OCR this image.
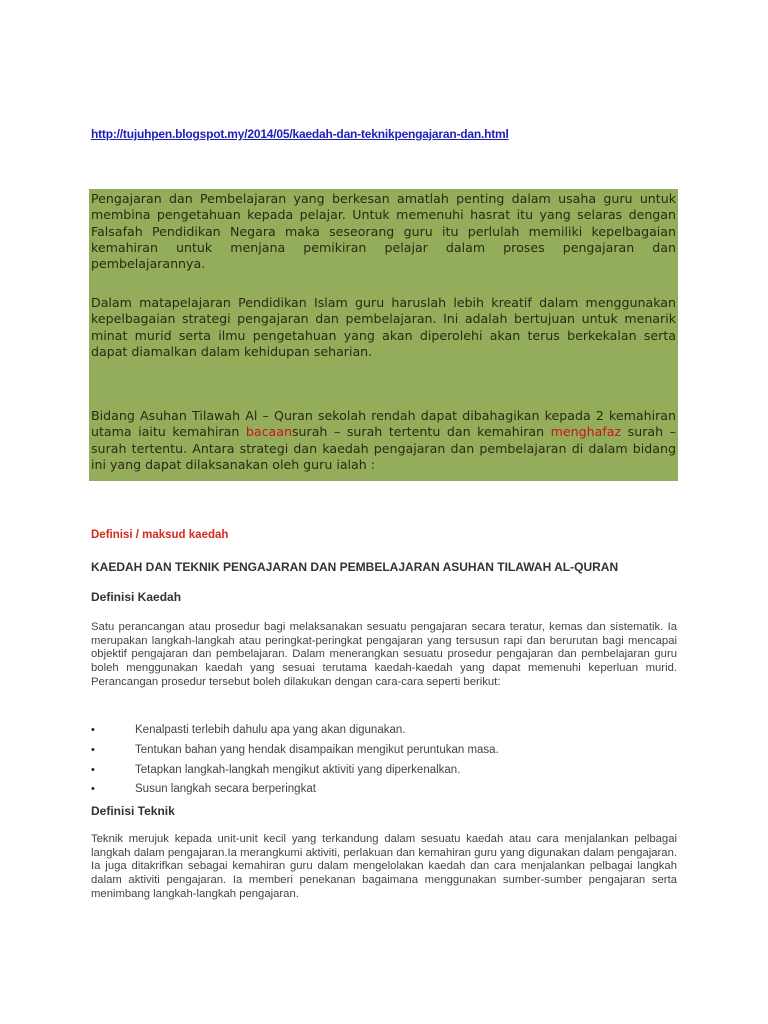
http://tujuhpen.blogspot.my/2014/05/kaedah-dan-teknikpengajaran-dan.html

Pengajaran dan Pembelajaran yang berkesan amatlah penting dalam usaha guru untuk membina pengetahuan kepada pelajar. Untuk memenuhi hasrat itu yang selaras dengan Falsafah Pendidikan Negara maka seseorang guru itu perlulah memiliki kepelbagaian kemahiran untuk menjana pemikiran pelajar dalam proses pengajaran dan pembelajarannya.

Dalam matapelajaran Pendidikan Islam guru haruslah lebih kreatif dalam menggunakan kepelbagaian strategi pengajaran dan pembelajaran. Ini adalah bertujuan untuk menarik minat murid serta ilmu pengetahuan yang akan diperolehi akan terus berkekalan serta dapat diamalkan dalam kehidupan seharian.

Bidang Asuhan Tilawah Al – Quran sekolah rendah dapat dibahagikan kepada 2 kemahiran utama iaitu kemahiran bacaansurah – surah tertentu dan kemahiran menghafaz surah – surah tertentu. Antara strategi dan kaedah pengajaran dan pembelajaran di dalam bidang ini yang dapat dilaksanakan oleh guru ialah :

Definisi / maksud kaedah
KAEDAH DAN TEKNIK PENGAJARAN DAN PEMBELAJARAN ASUHAN TILAWAH AL-QURAN
Definisi Kaedah

Satu perancangan atau prosedur bagi melaksanakan sesuatu pengajaran secara teratur, kemas dan sistematik. Ia merupakan langkah-langkah atau peringkat-peringkat pengajaran yang tersusun rapi dan berurutan bagi mencapai objektif pengajaran dan pembelajaran. Dalam menerangkan sesuatu prosedur pengajaran dan pembelajaran guru boleh menggunakan kaedah yang sesuai terutama kaedah-kaedah yang dapat memenuhi keperluan murid. Perancangan prosedur tersebut boleh dilakukan dengan cara-cara seperti berikut:

•	Kenalpasti terlebih dahulu apa yang akan digunakan.
•	Tentukan bahan yang hendak disampaikan mengikut peruntukan masa.
•	Tetapkan langkah-langkah mengikut aktiviti yang diperkenalkan.
•	Susun langkah secara berperingkat
Definisi Teknik

Teknik merujuk kepada unit-unit kecil yang terkandung dalam sesuatu kaedah atau cara menjalankan pelbagai langkah dalam pengajaran.Ia merangkumi aktiviti, perlakuan dan kemahiran guru yang digunakan dalam pengajaran. Ia juga ditakrifkan sebagai kemahiran guru dalam mengelolakan kaedah dan cara menjalankan pelbagai langkah dalam aktiviti pengajaran. Ia memberi penekanan bagaimana menggunakan sumber-sumber pengajaran serta menimbang langkah-langkah pengajaran.
